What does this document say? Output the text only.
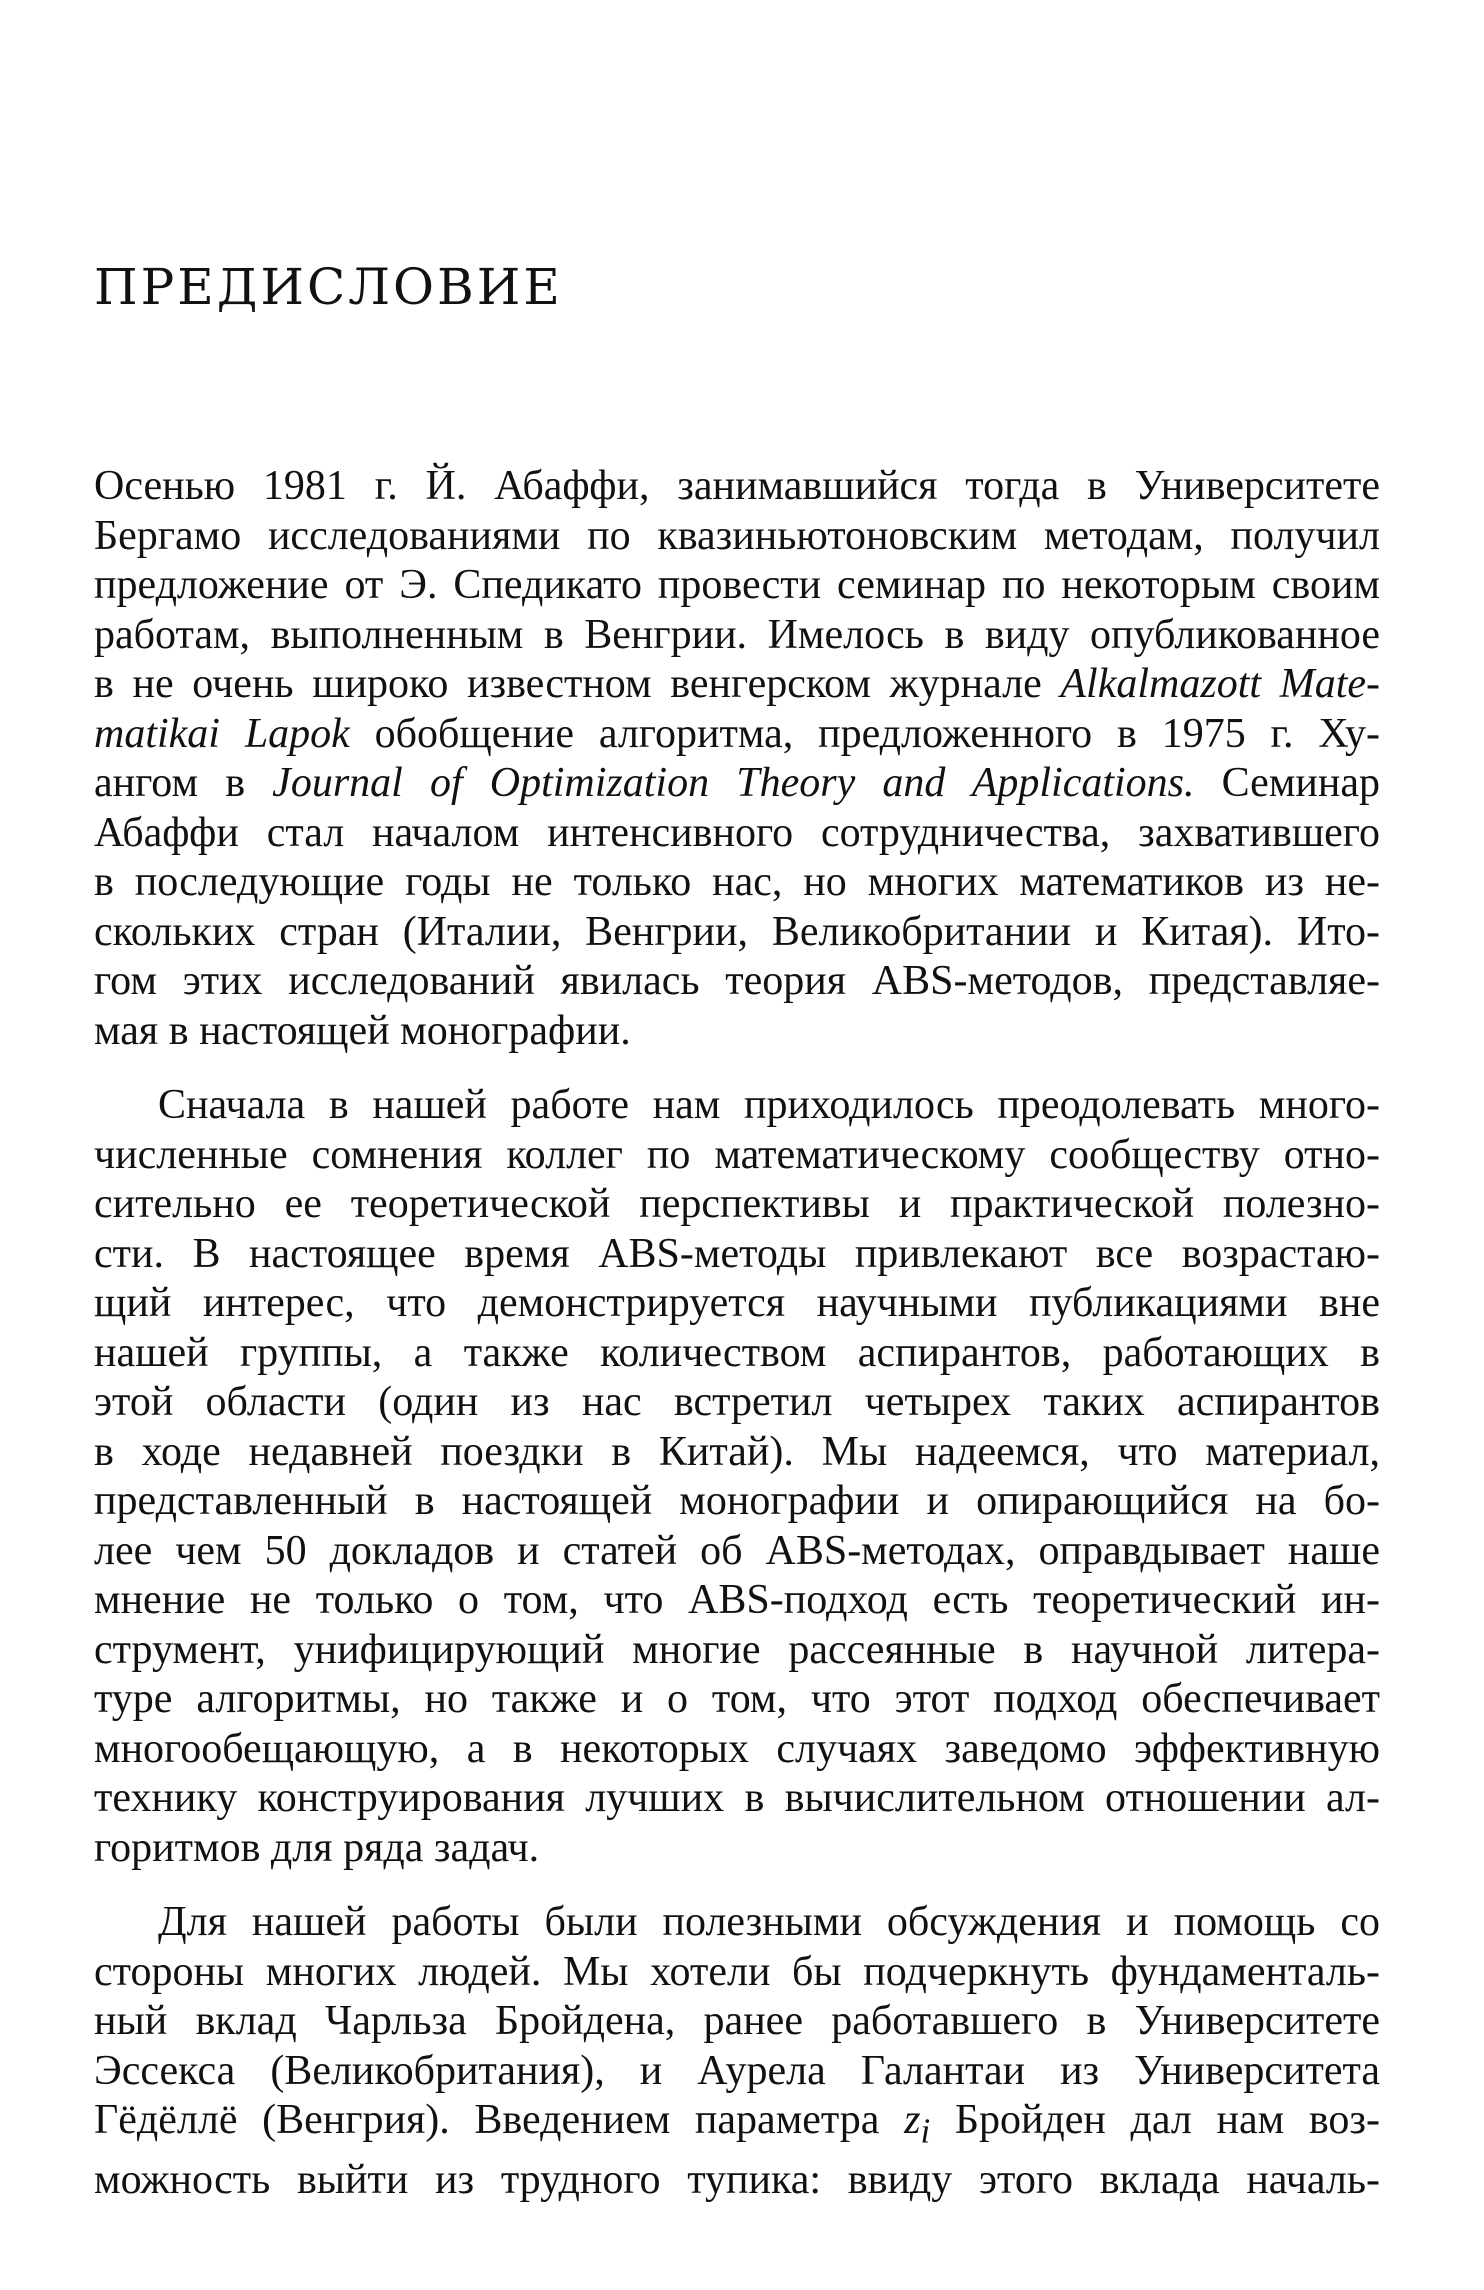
ПРЕДИСЛОВИЕ

Осенью 1981 г. Й. Абаффи, занимавшийся тогда в Университете
Бергамо исследованиями по квазиньютоновским методам, получил
предложение от Э. Спедикато провести семинар по некоторым своим
работам, выполненным в Венгрии. Имелось в виду опубликованное
в не очень широко известном венгерском журнале Alkalmazott Mate-
matikai Lapok обобщение алгоритма, предложенного в 1975 г. Ху-
ангом в Journal of Optimization Theory and Applications. Семинар
Абаффи стал началом интенсивного сотрудничества, захватившего
в последующие годы не только нас, но многих математиков из не-
скольких стран (Италии, Венгрии, Великобритании и Китая). Ито-
гом этих исследований явилась теория ABS-методов, представляе-
мая в настоящей монографии.

Сначала в нашей работе нам приходилось преодолевать много-
численные сомнения коллег по математическому сообществу отно-
сительно ее теоретической перспективы и практической полезно-
сти. В настоящее время ABS-методы привлекают все возрастаю-
щий интерес, что демонстрируется научными публикациями вне
нашей группы, а также количеством аспирантов, работающих в
этой области (один из нас встретил четырех таких аспирантов
в ходе недавней поездки в Китай). Мы надеемся, что материал,
представленный в настоящей монографии и опирающийся на бо-
лее чем 50 докладов и статей об ABS-методах, оправдывает наше
мнение не только о том, что ABS-подход есть теоретический ин-
струмент, унифицирующий многие рассеянные в научной литера-
туре алгоритмы, но также и о том, что этот подход обеспечивает
многообещающую, а в некоторых случаях заведомо эффективную
технику конструирования лучших в вычислительном отношении ал-
горитмов для ряда задач.

Для нашей работы были полезными обсуждения и помощь со
стороны многих людей. Мы хотели бы подчеркнуть фундаменталь-
ный вклад Чарльза Бройдена, ранее работавшего в Университете
Эссекса (Великобритания), и Аурела Галантаи из Университета
Гёдёллё (Венгрия). Введением параметра $z_i$ Бройден дал нам воз-
можность выйти из трудного тупика: ввиду этого вклада началь-
